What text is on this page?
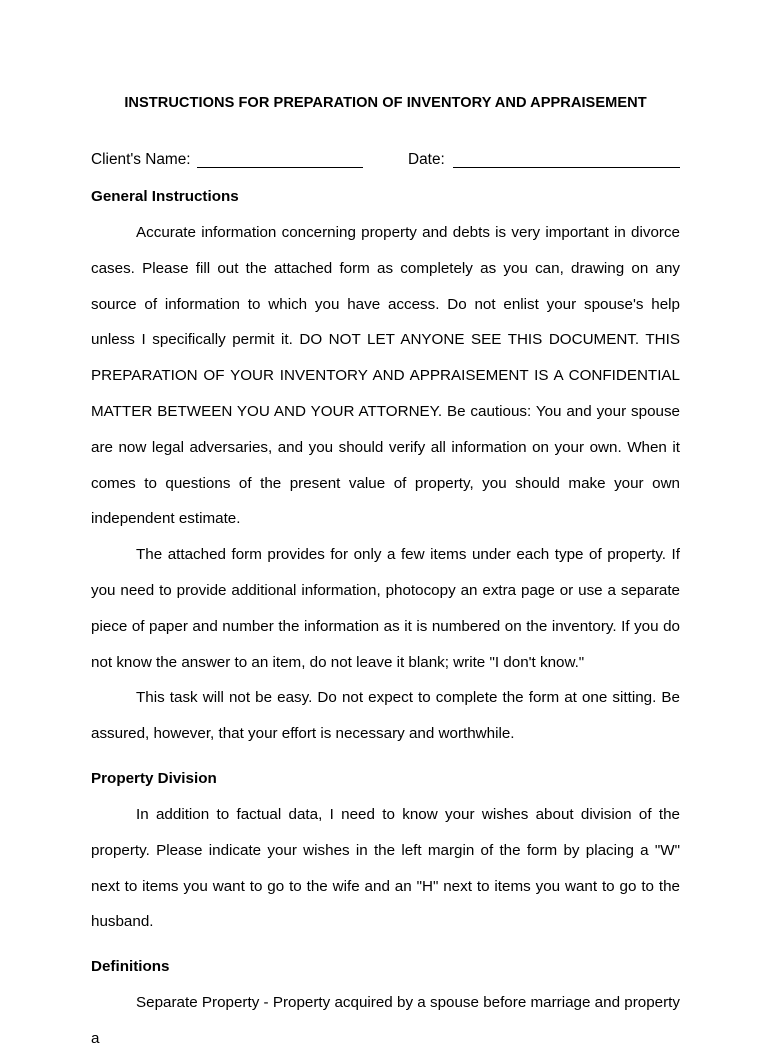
INSTRUCTIONS FOR PREPARATION OF INVENTORY AND APPRAISEMENT
Client's Name:	Date:
General Instructions

Accurate information concerning property and debts is very important in divorce cases. Please fill out the attached form as completely as you can, drawing on any source of information to which you have access. Do not enlist your spouse's help unless I specifically permit it. DO NOT LET ANYONE SEE THIS DOCUMENT. THIS PREPARATION OF YOUR INVENTORY AND APPRAISEMENT IS A CONFIDENTIAL MATTER BETWEEN YOU AND YOUR ATTORNEY. Be cautious: You and your spouse are now legal adversaries, and you should verify all information on your own. When it comes to questions of the present value of property, you should make your own independent estimate.

The attached form provides for only a few items under each type of property. If you need to provide additional information, photocopy an extra page or use a separate piece of paper and number the information as it is numbered on the inventory. If you do not know the answer to an item, do not leave it blank; write "I don't know."

This task will not be easy. Do not expect to complete the form at one sitting. Be assured, however, that your effort is necessary and worthwhile.

Property Division

In addition to factual data, I need to know your wishes about division of the property. Please indicate your wishes in the left margin of the form by placing a "W" next to items you want to go to the wife and an "H" next to items you want to go to the husband.

Definitions

Separate Property - Property acquired by a spouse before marriage and property a
